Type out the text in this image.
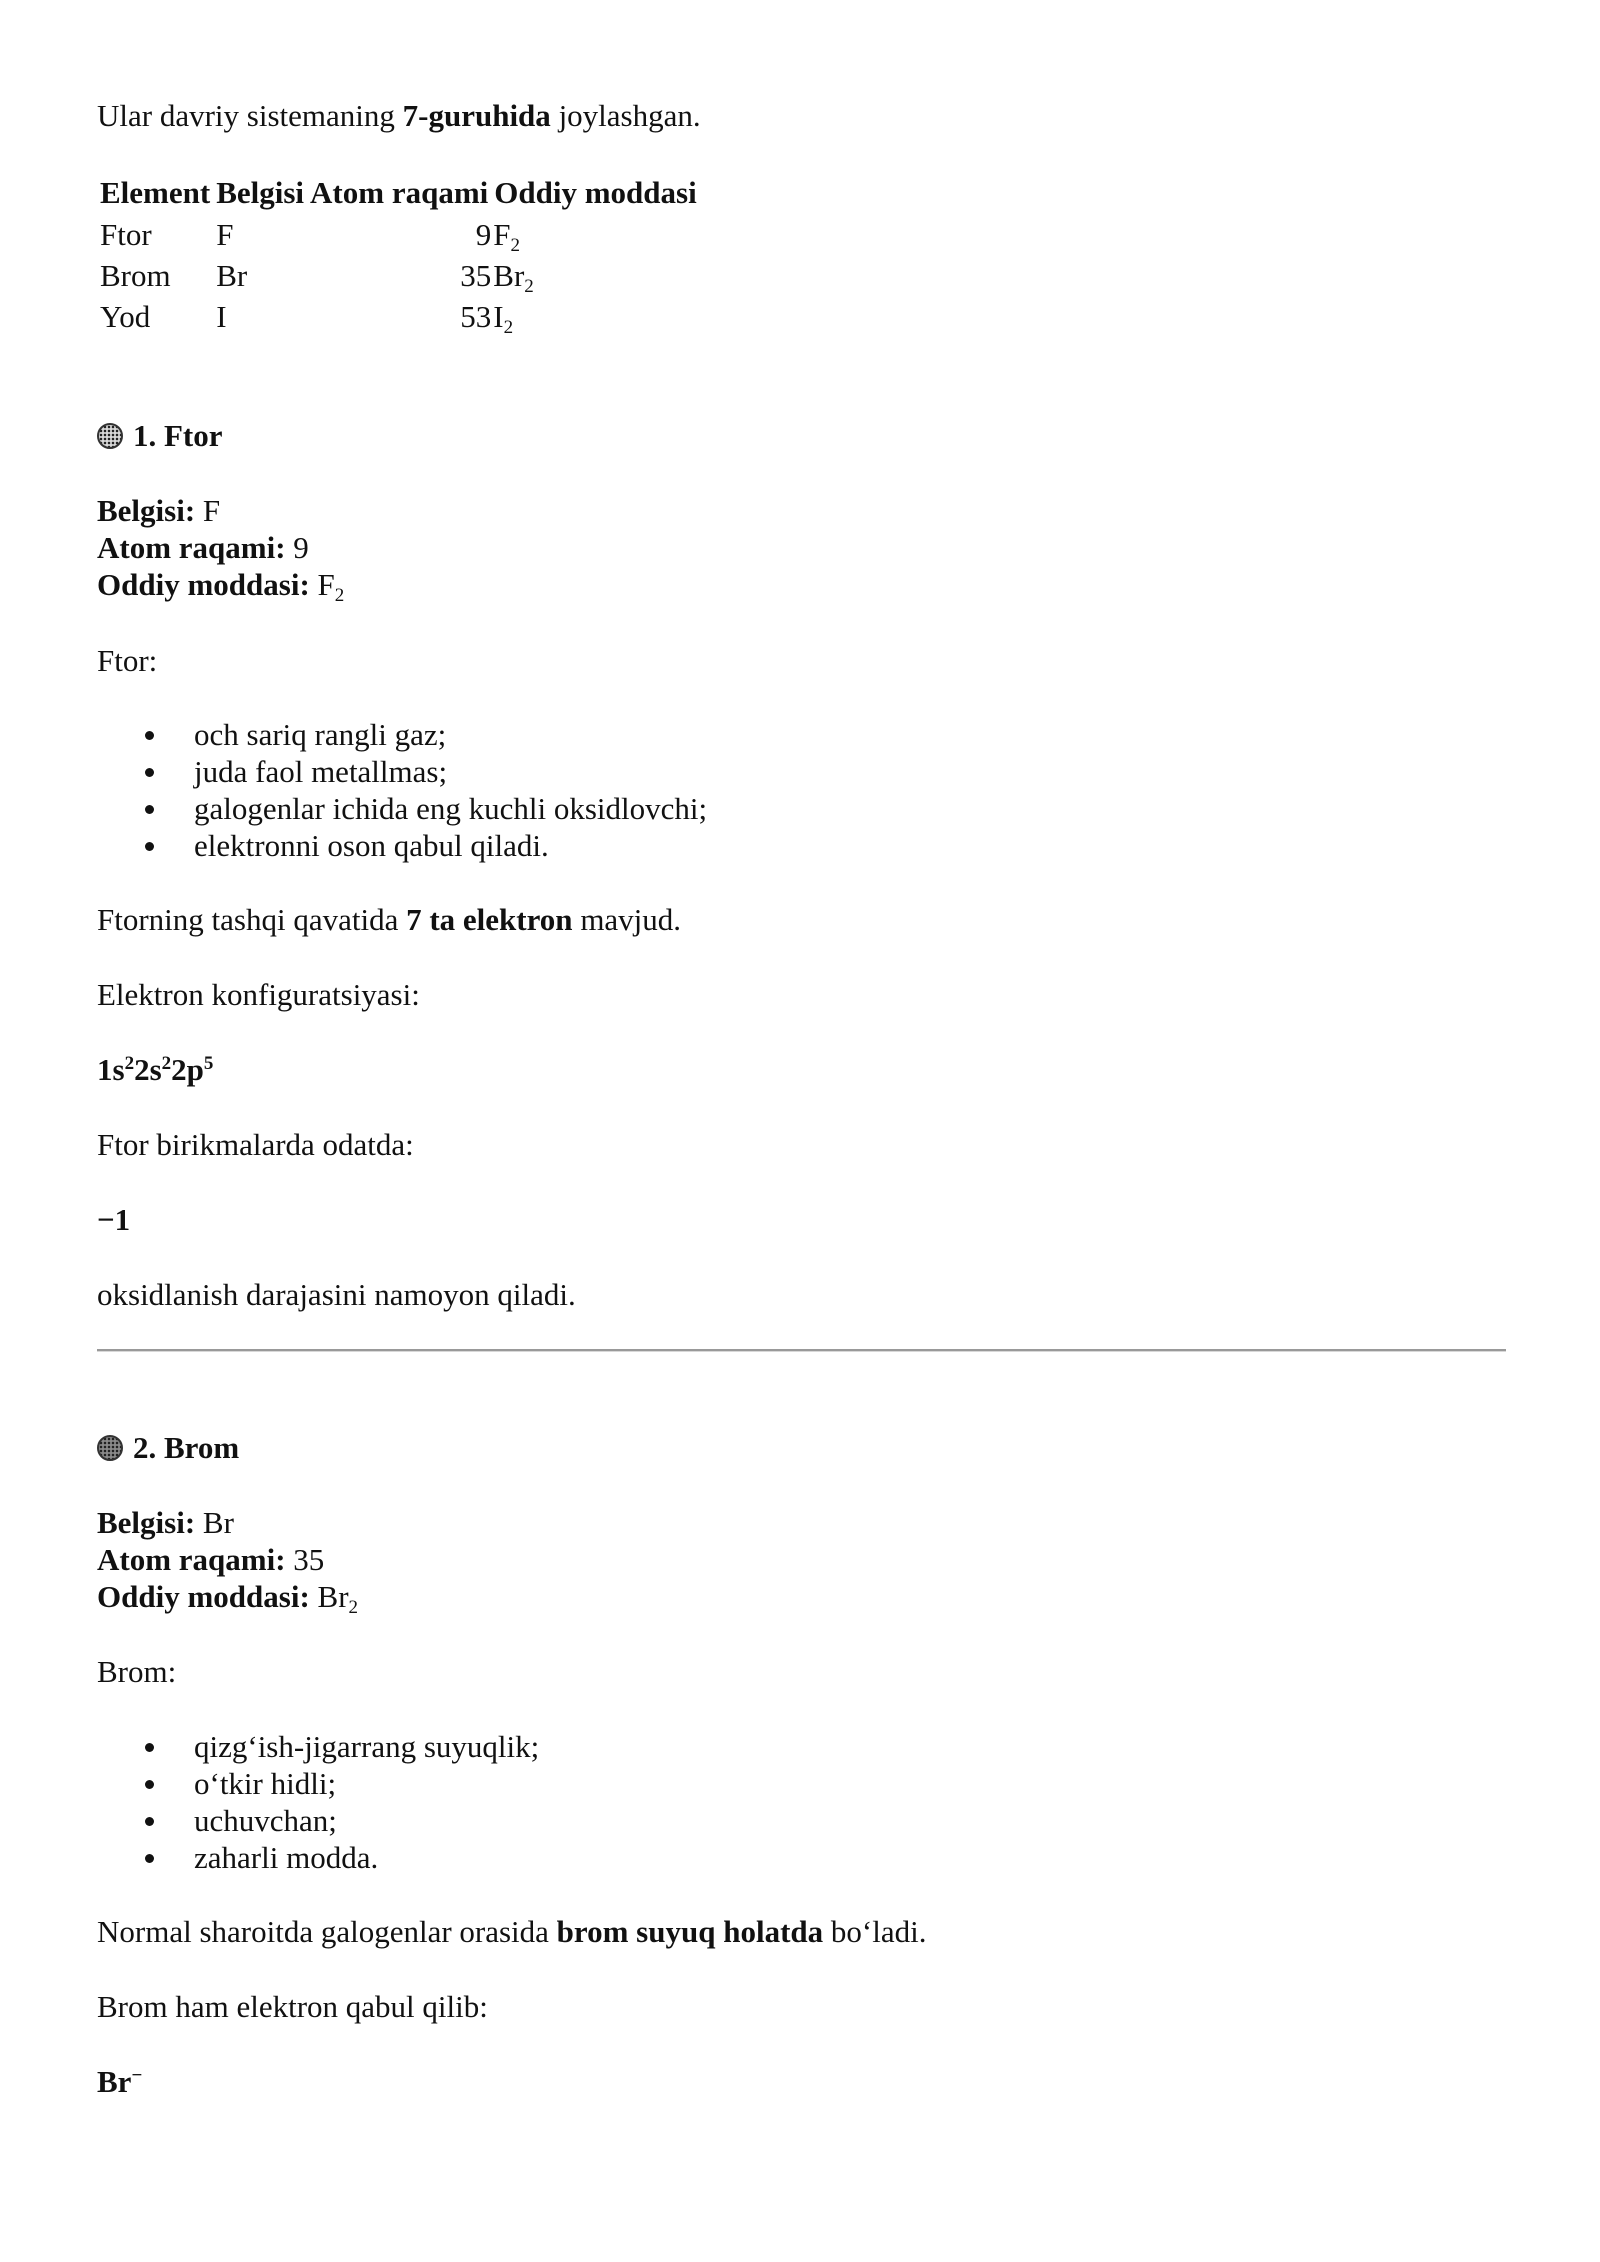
Ular davriy sistemaning 7-guruhida joylashgan.

Element	Belgisi	Atom raqami	Oddiy moddasi
Ftor	F	9	$F_2$
Brom	Br	35	$Br_2$
Yod	I	53	$I_2$
1. Ftor

Belgisi: F

Atom raqami: 9

Oddiy moddasi: $F_2$

Ftor:

och sariq rangli gaz;
juda faol metallmas;
galogenlar ichida eng kuchli oksidlovchi;
elektronni oson qabul qiladi.

Ftorning tashqi qavatida 7 ta elektron mavjud.

Elektron konfiguratsiyasi:

$1s^22s^22p^5$

Ftor birikmalarda odatda:

−1

oksidlanish darajasini namoyon qiladi.

2. Brom

Belgisi: Br

Atom raqami: 35

Oddiy moddasi: $Br_2$

Brom:

qizg‘ish-jigarrang suyuqlik;
o‘tkir hidli;
uchuvchan;
zaharli modda.

Normal sharoitda galogenlar orasida brom suyuq holatda bo‘ladi.

Brom ham elektron qabul qilib:

Br−
